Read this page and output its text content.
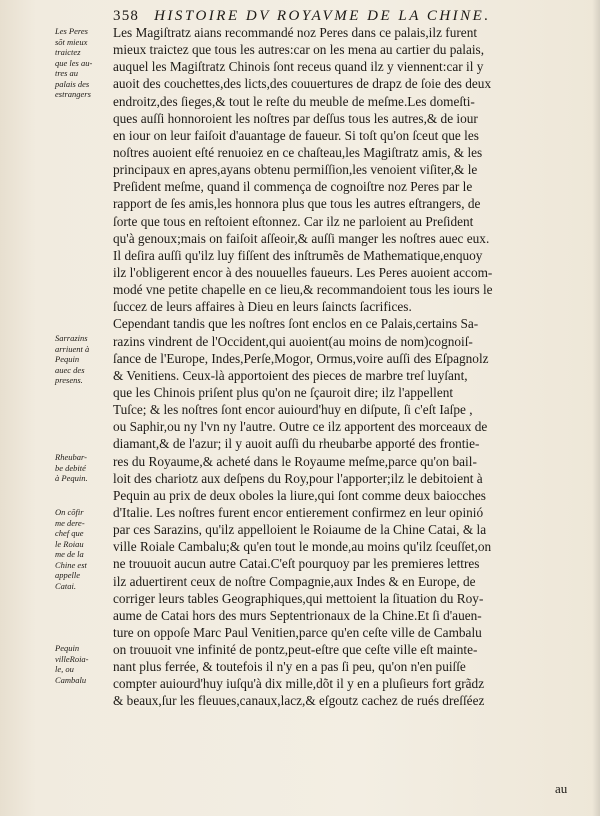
358 HISTOIRE DV ROYAVME DE LA CHINE.
Les Peres
sõt mieux
traictez
que les au-
tres au
palais des
estrangers
Sarrazins
arriuent à
Pequin
auec des
presens.
Rheubar-
be debité
à Pequin.
On cõfir
me dere-
chef que
le Roiau
me de la
Chine est
appelle
Catai.
Pequin
villeRoia-
le, ou
Cambalu
Les Magiſtratz aians recommandé noz Peres dans ce palais,ilz furent
mieux traictez que tous les autres:car on les mena au cartier du palais,
auquel les Magiſtratz Chinois ſont receus quand ilz y viennent:car il y
auoit des couchettes,des licts,des couuertures de drapz de ſoie des deux
endroitz,des ſieges,& tout le reſte du meuble de meſme.Les domeſti-
ques auſſi honnoroient les noſtres par deſſus tous les autres,& de iour
en iour on leur faiſoit d'auantage de faueur. Si toſt qu'on ſceut que les
noſtres auoient eſté renuoiez en ce chaſteau,les Magiſtratz amis, & les
principaux en apres,ayans obtenu permiſſion,les venoient viſiter,& le
Preſident meſme, quand il commença de cognoiſtre noz Peres par le
rapport de ſes amis,les honnora plus que tous les autres eſtrangers, de
ſorte que tous en reſtoient eſtonnez. Car ilz ne parloient au Preſident
qu'à genoux;mais on faiſoit aſſeoir,& auſſi manger les noſtres auec eux.
Il deſira auſſi qu'ilz luy fiſſent des inſtrumẽs de Mathematique,enquoy
ilz l'obligerent encor à des nouuelles faueurs. Les Peres auoient accom-
modé vne petite chapelle en ce lieu,& recommandoient tous les iours le
ſuccez de leurs affaires à Dieu en leurs ſaincts ſacrifices.
Cependant tandis que les noſtres ſont enclos en ce Palais,certains Sa-
razins vindrent de l'Occident,qui auoient(au moins de nom)cognoiſ-
ſance de l'Europe, Indes,Perſe,Mogor, Ormus,voire auſſi des Eſpagnolz
& Venitiens. Ceux-là apportoient des pieces de marbre treſ luyſant,
que les Chinois priſent plus qu'on ne ſçauroit dire; ilz l'appellent
Tuſce; & les noſtres ſont encor auiourd'huy en diſpute, ſi c'eſt Iaſpe ,
ou Saphir,ou ny l'vn ny l'autre. Outre ce ilz apportent des morceaux de
diamant,& de l'azur; il y auoit auſſi du rheubarbe apporté des frontie-
res du Royaume,& acheté dans le Royaume meſme,parce qu'on bail-
loit des chariotz aux deſpens du Roy,pour l'apporter;ilz le debitoient à
Pequin au prix de deux oboles la liure,qui ſont comme deux baiocches
d'Italie. Les noſtres furent encor entierement confirmez en leur opinió
par ces Sarazins, qu'ilz appelloient le Roiaume de la Chine Catai, & la
ville Roiale Cambalu;& qu'en tout le monde,au moins qu'ilz ſceuſſet,on
ne trouuoit aucun autre Catai.C'eſt pourquoy par les premieres lettres
ilz aduertirent ceux de noſtre Compagnie,aux Indes & en Europe, de
corriger leurs tables Geographiques,qui mettoient la ſituation du Roy-
aume de Catai hors des murs Septentrionaux de la Chine.Et ſi d'auen-
ture on oppoſe Marc Paul Venitien,parce qu'en ceſte ville de Cambalu
on trouuoit vne infinité de pontz,peut-eſtre que ceſte ville eſt mainte-
nant plus ferrée, & toutefois il n'y en a pas ſi peu, qu'on n'en puiſſe
compter auiourd'huy iuſqu'à dix mille,dõt il y en a pluſieurs fort grãdz
& beaux,ſur les fleuues,canaux,lacz,& eſgoutz cachez de rués dreſſéez
au
